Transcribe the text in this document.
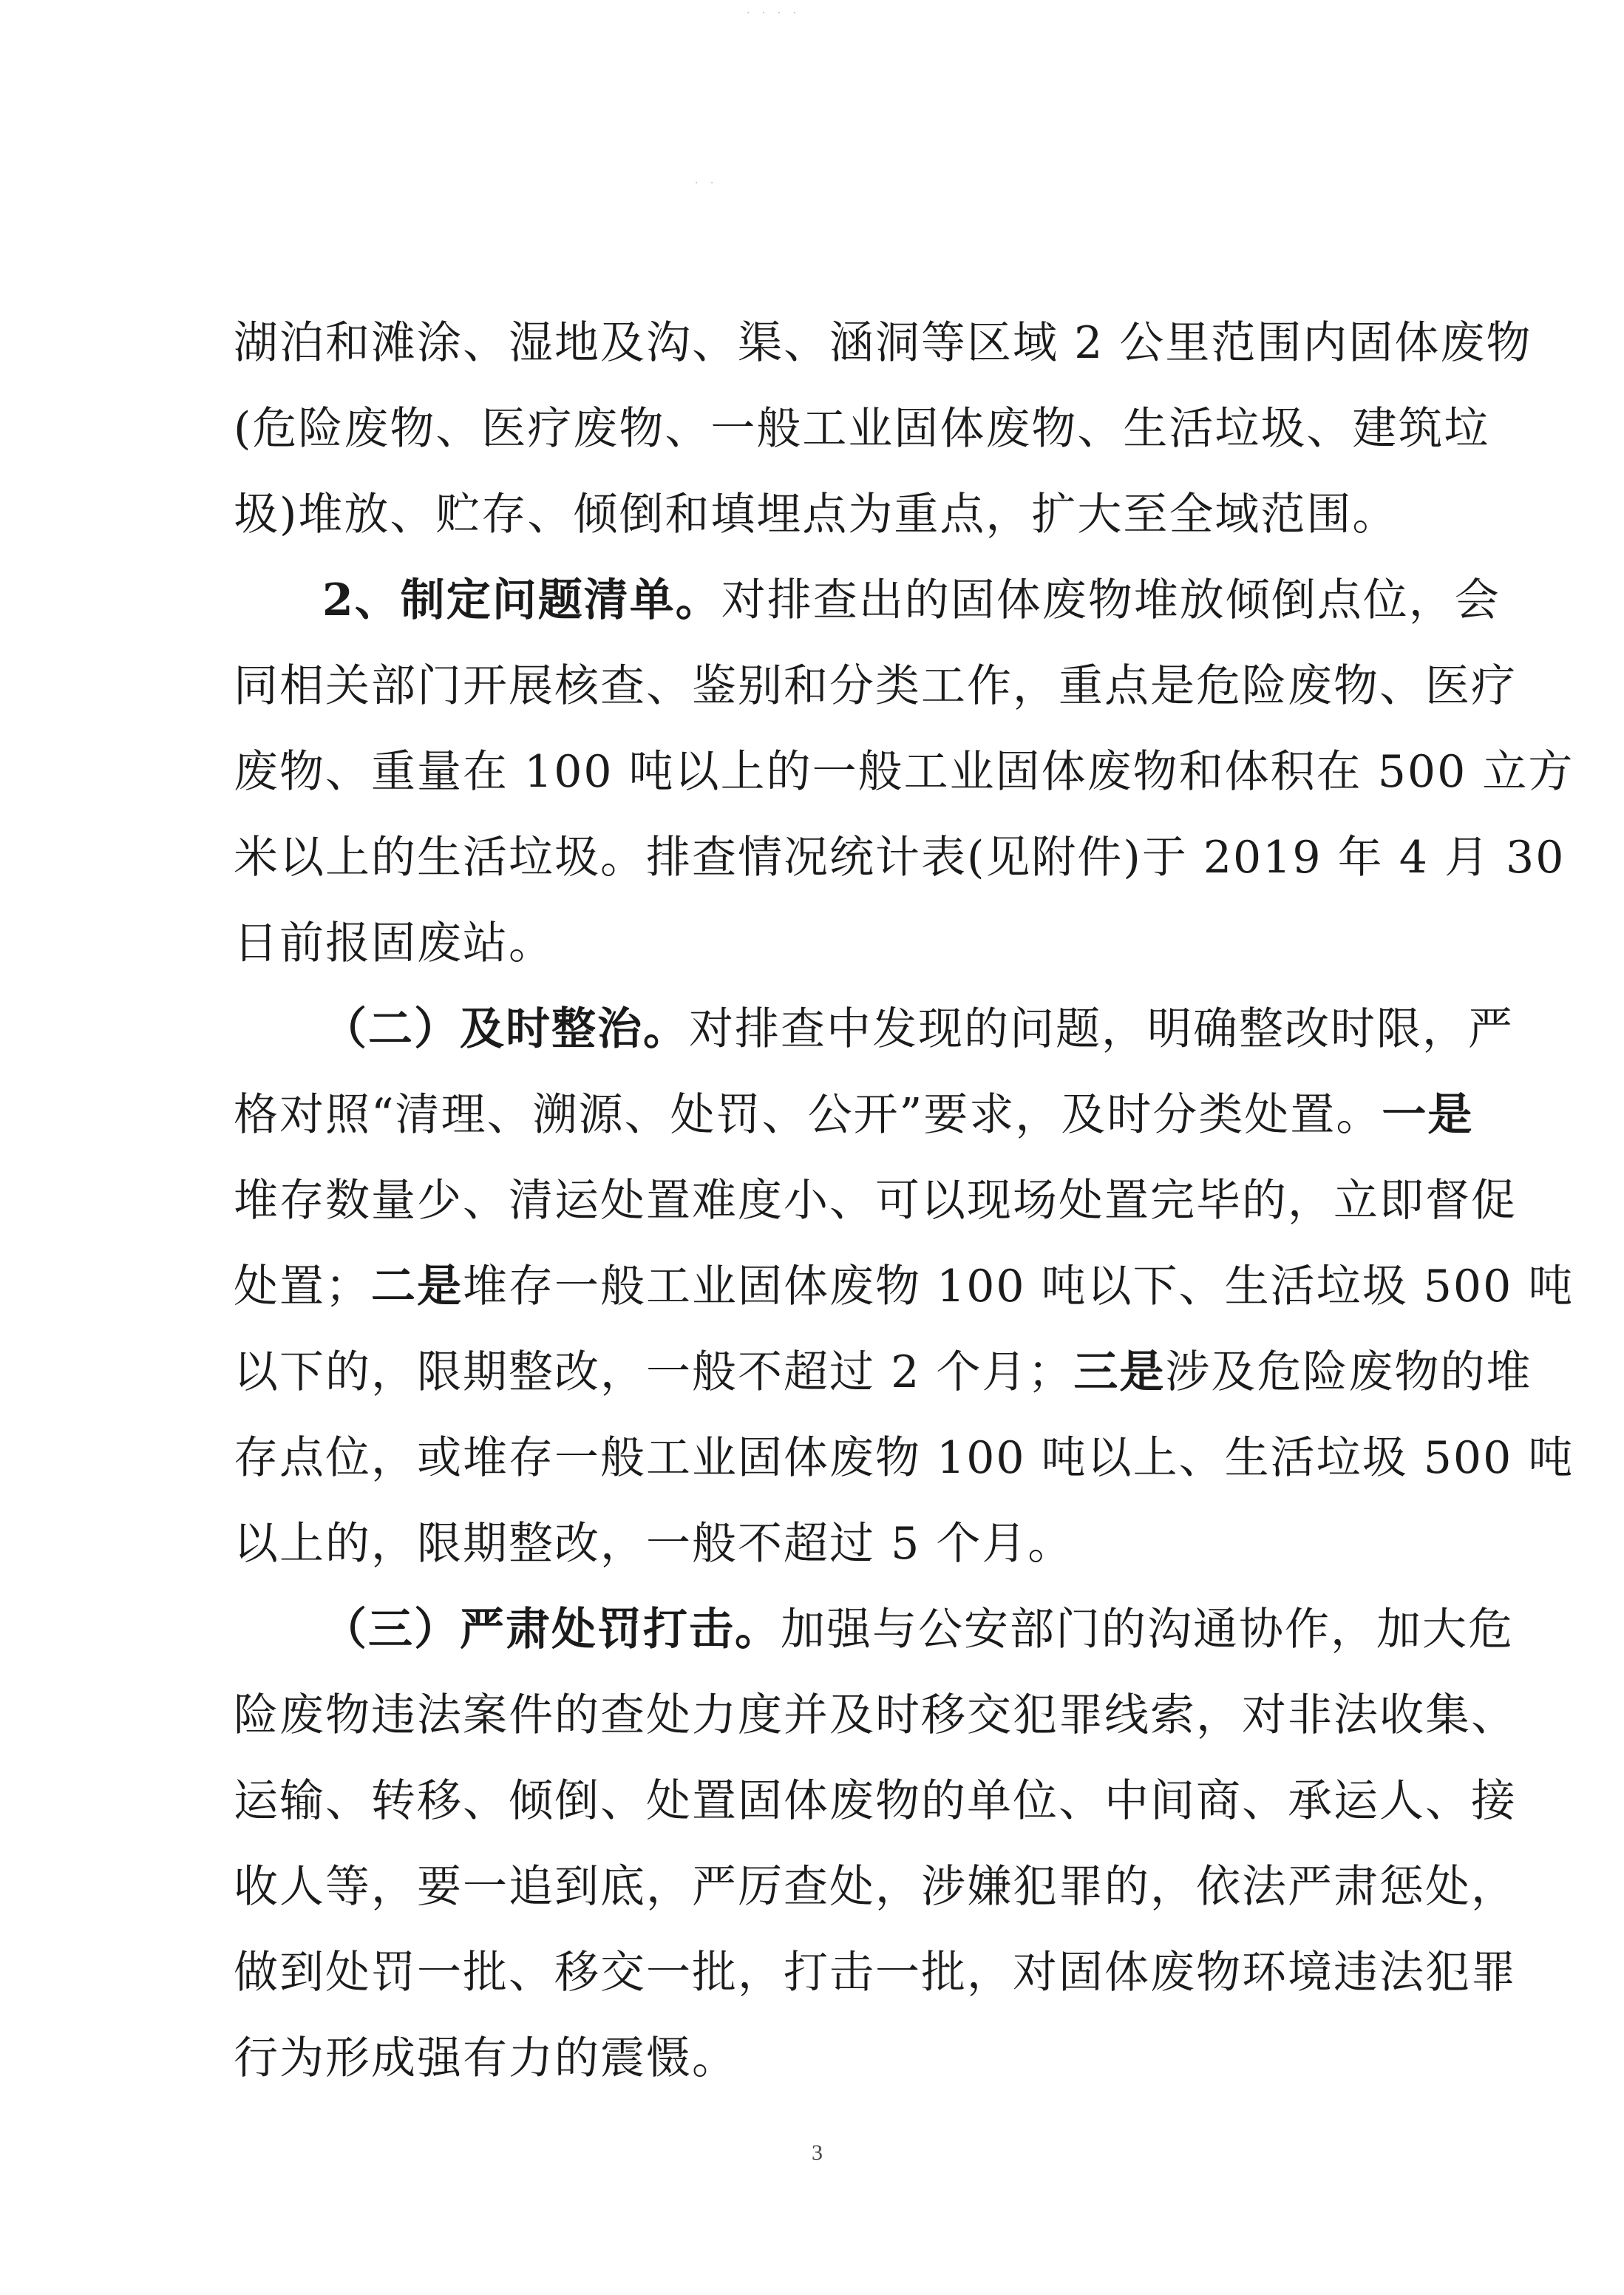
· · · ·
· ·
湖泊和滩涂、湿地及沟、渠、涵洞等区域 2 公里范围内固体废物
(危险废物、医疗废物、一般工业固体废物、生活垃圾、建筑垃
圾)堆放、贮存、倾倒和填埋点为重点，扩大至全域范围。
2、制定问题清单。对排查出的固体废物堆放倾倒点位，会
同相关部门开展核查、鉴别和分类工作，重点是危险废物、医疗
废物、重量在 100 吨以上的一般工业固体废物和体积在 500 立方
米以上的生活垃圾。排查情况统计表(见附件)于 2019 年 4 月 30
日前报固废站。
（二）及时整治。对排查中发现的问题，明确整改时限，严
格对照“清理、溯源、处罚、公开”要求，及时分类处置。一是
堆存数量少、清运处置难度小、可以现场处置完毕的，立即督促
处置；二是堆存一般工业固体废物 100 吨以下、生活垃圾 500 吨
以下的，限期整改，一般不超过 2 个月；三是涉及危险废物的堆
存点位，或堆存一般工业固体废物 100 吨以上、生活垃圾 500 吨
以上的，限期整改，一般不超过 5 个月。
（三）严肃处罚打击。加强与公安部门的沟通协作，加大危
险废物违法案件的查处力度并及时移交犯罪线索，对非法收集、
运输、转移、倾倒、处置固体废物的单位、中间商、承运人、接
收人等，要一追到底，严厉查处，涉嫌犯罪的，依法严肃惩处，
做到处罚一批、移交一批，打击一批，对固体废物环境违法犯罪
行为形成强有力的震慑。
3
